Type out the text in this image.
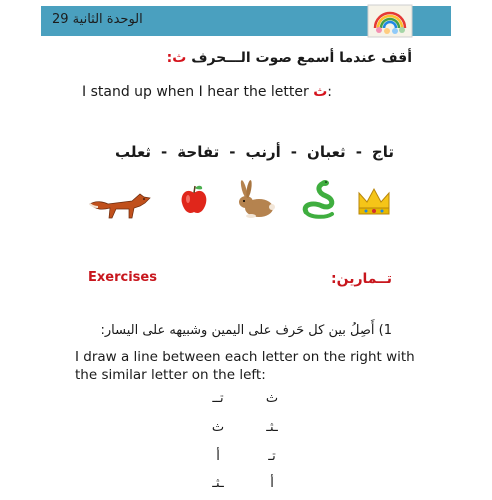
الوحدة الثانية 29
أقف عندما أسمع صوت الـــحرف ث:
I stand up when I hear the letter ث:
تاج
-
ثعبان
-
أرنب
-
تفاحة
-
ثعلب
Exercises	تــمارين:
1) أَصِلُ بين كل حَرف على اليمين وشبيهه على اليسار:
I draw a line between each letter on the right with the similar letter on the left:
ث
ـثـ
تـ
أ
تــ
ث
أ
ـثـ
